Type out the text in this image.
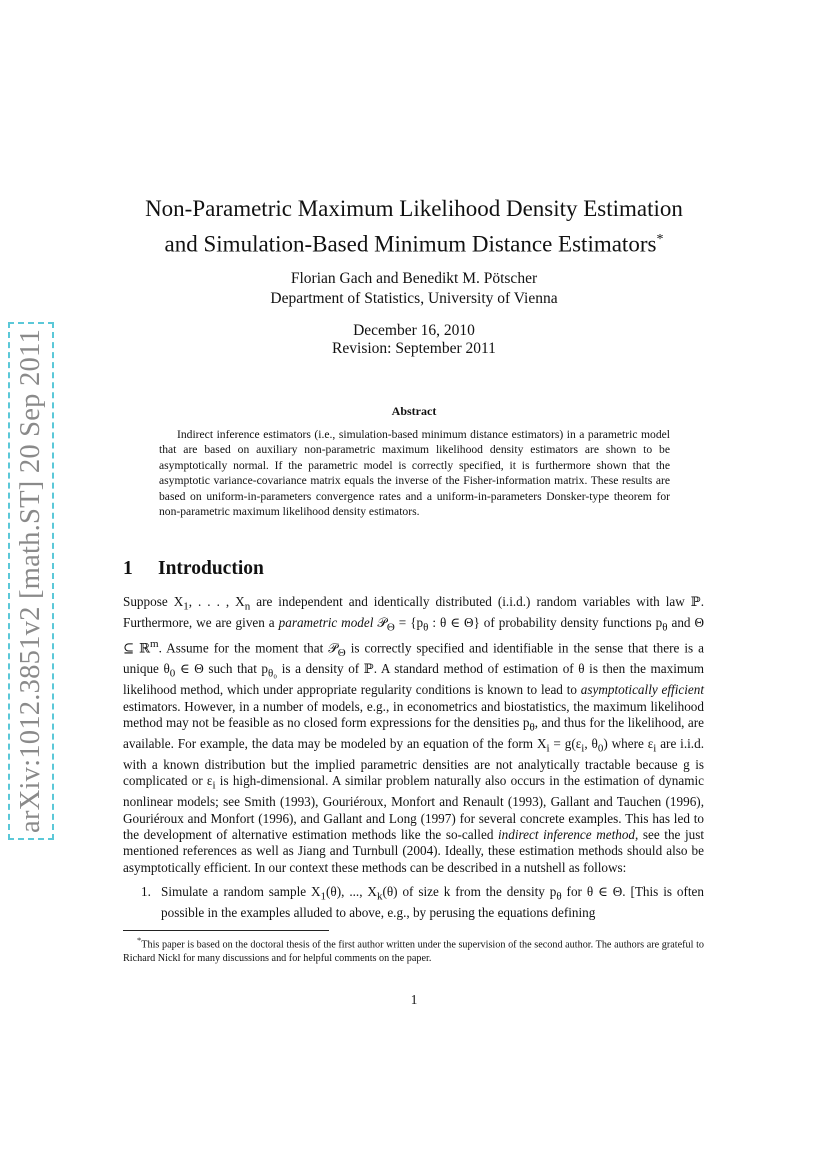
arXiv:1012.3851v2 [math.ST] 20 Sep 2011
Non-Parametric Maximum Likelihood Density Estimation
and Simulation-Based Minimum Distance Estimators*
Florian Gach and Benedikt M. Pötscher
Department of Statistics, University of Vienna
December 16, 2010
Revision: September 2011
Abstract

Indirect inference estimators (i.e., simulation-based minimum distance estimators) in a parametric model that are based on auxiliary non-parametric maximum likelihood density estimators are shown to be asymptotically normal. If the parametric model is correctly specified, it is furthermore shown that the asymptotic variance-covariance matrix equals the inverse of the Fisher-information matrix. These results are based on uniform-in-parameters convergence rates and a uniform-in-parameters Donsker-type theorem for non-parametric maximum likelihood density estimators.

1 Introduction

Suppose $X_1$, . . . , $X_n$ are independent and identically distributed (i.i.d.) random variables with law ℙ. Furthermore, we are given a parametric model 𝒫$_\Theta$ = {$p_\theta$ : θ ∈ Θ} of probability density functions $p_\theta$ and Θ ⊆ ℝ$^m$. Assume for the moment that 𝒫$_\Theta$ is correctly specified and identifiable in the sense that there is a unique $\theta_0$ ∈ Θ such that $p_{\theta_0}$ is a density of ℙ. A standard method of estimation of θ is then the maximum likelihood method, which under appropriate regularity conditions is known to lead to asymptotically efficient estimators. However, in a number of models, e.g., in econometrics and biostatistics, the maximum likelihood method may not be feasible as no closed form expressions for the densities $p_\theta$, and thus for the likelihood, are available. For example, the data may be modeled by an equation of the form $X_i = g(\varepsilon_i$, $\theta_0$) where $\varepsilon_i$ are i.i.d. with a known distribution but the implied parametric densities are not analytically tractable because g is complicated or $\varepsilon_i$ is high-dimensional. A similar problem naturally also occurs in the estimation of dynamic nonlinear models; see Smith (1993), Gouriéroux, Monfort and Renault (1993), Gallant and Tauchen (1996), Gouriéroux and Monfort (1996), and Gallant and Long (1997) for several concrete examples. This has led to the development of alternative estimation methods like the so-called indirect inference method, see the just mentioned references as well as Jiang and Turnbull (2004). Ideally, these estimation methods should also be asymptotically efficient. In our context these methods can be described in a nutshell as follows:

1. Simulate a random sample $X_1(\theta)$, ..., $X_k(\theta)$ of size k from the density $p_\theta$ for θ ∈ Θ. [This is often possible in the examples alluded to above, e.g., by perusing the equations defining

*This paper is based on the doctoral thesis of the first author written under the supervision of the second author. The authors are grateful to Richard Nickl for many discussions and for helpful comments on the paper.

1
